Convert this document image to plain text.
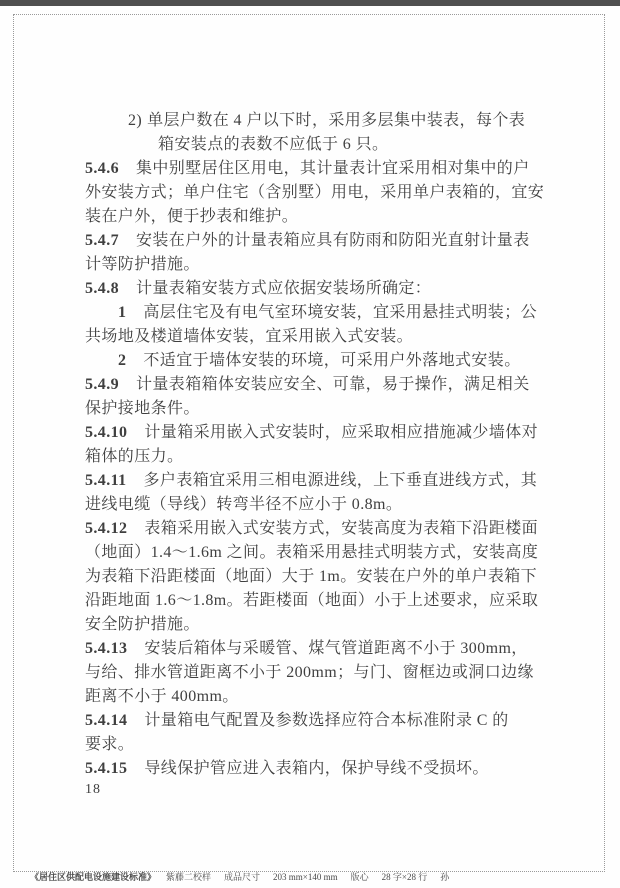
2) 单层户数在 4 户以下时，采用多层集中装表，每个表
箱安装点的表数不应低于 6 只。
5.4.6 集中别墅居住区用电，其计量表计宜采用相对集中的户
外安装方式；单户住宅（含别墅）用电，采用单户表箱的，宜安
装在户外，便于抄表和维护。
5.4.7 安装在户外的计量表箱应具有防雨和防阳光直射计量表
计等防护措施。
5.4.8 计量表箱安装方式应依据安装场所确定：
1 高层住宅及有电气室环境安装，宜采用悬挂式明装；公
共场地及楼道墙体安装，宜采用嵌入式安装。
2 不适宜于墙体安装的环境，可采用户外落地式安装。
5.4.9 计量表箱箱体安装应安全、可靠，易于操作，满足相关
保护接地条件。
5.4.10 计量箱采用嵌入式安装时，应采取相应措施减少墙体对
箱体的压力。
5.4.11 多户表箱宜采用三相电源进线，上下垂直进线方式，其
进线电缆（导线）转弯半径不应小于 0.8m。
5.4.12 表箱采用嵌入式安装方式，安装高度为表箱下沿距楼面
（地面）1.4～1.6m 之间。表箱采用悬挂式明装方式，安装高度
为表箱下沿距楼面（地面）大于 1m。安装在户外的单户表箱下
沿距地面 1.6～1.8m。若距楼面（地面）小于上述要求，应采取
安全防护措施。
5.4.13 安装后箱体与采暖管、煤气管道距离不小于 300mm，
与给、排水管道距离不小于 200mm；与门、窗框边或洞口边缘
距离不小于 400mm。
5.4.14 计量箱电气配置及参数选择应符合本标准附录 C 的
要求。
5.4.15 导线保护管应进入表箱内，保护导线不受损坏。
18
《居住区供配电设施建设标准》 紫藤二校样 成品尺寸 203 mm×140 mm 版心 28 字×28 行 孙
